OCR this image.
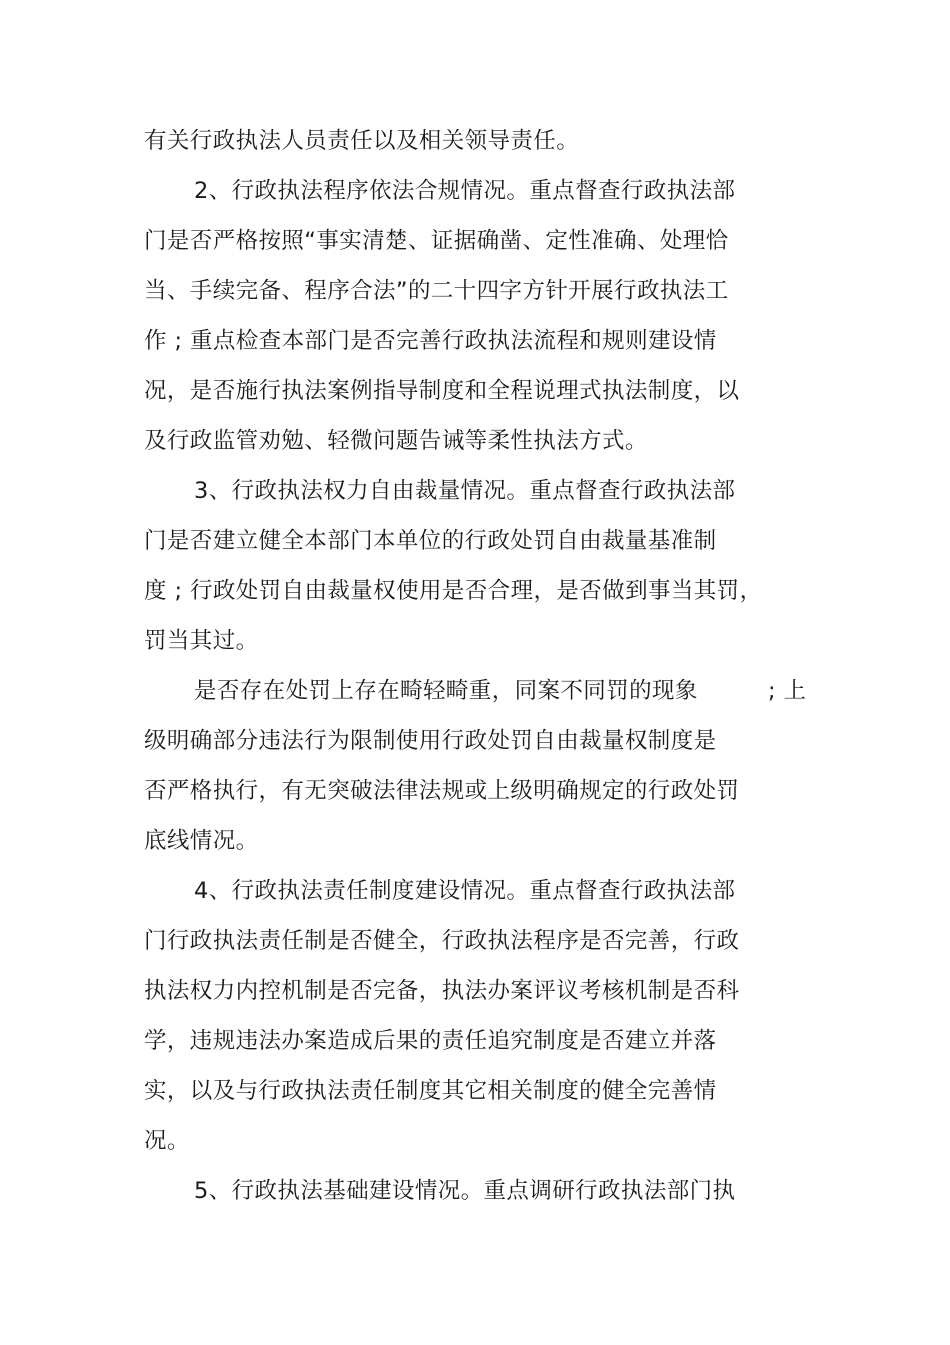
有关行政执法人员责任以及相关领导责任。
2、行政执法程序依法合规情况。重点督查行政执法部
门是否严格按照“事实清楚、证据确凿、定性准确、处理恰
当、手续完备、程序合法”的二十四字方针开展行政执法工
作 ; 重点检查本部门是否完善行政执法流程和规则建设情
况，是否施行执法案例指导制度和全程说理式执法制度，以
及行政监管劝勉、轻微问题告诫等柔性执法方式。
3、行政执法权力自由裁量情况。重点督查行政执法部
门是否建立健全本部门本单位的行政处罚自由裁量基准制
度 ; 行政处罚自由裁量权使用是否合理，是否做到事当其罚，
罚当其过。
是否存在处罚上存在畸轻畸重，同案不同罚的现象	; 上
级明确部分违法行为限制使用行政处罚自由裁量权制度是
否严格执行，有无突破法律法规或上级明确规定的行政处罚
底线情况。
4、行政执法责任制度建设情况。重点督查行政执法部
门行政执法责任制是否健全，行政执法程序是否完善，行政
执法权力内控机制是否完备，执法办案评议考核机制是否科
学，违规违法办案造成后果的责任追究制度是否建立并落
实，以及与行政执法责任制度其它相关制度的健全完善情
况。
5、行政执法基础建设情况。重点调研行政执法部门执
